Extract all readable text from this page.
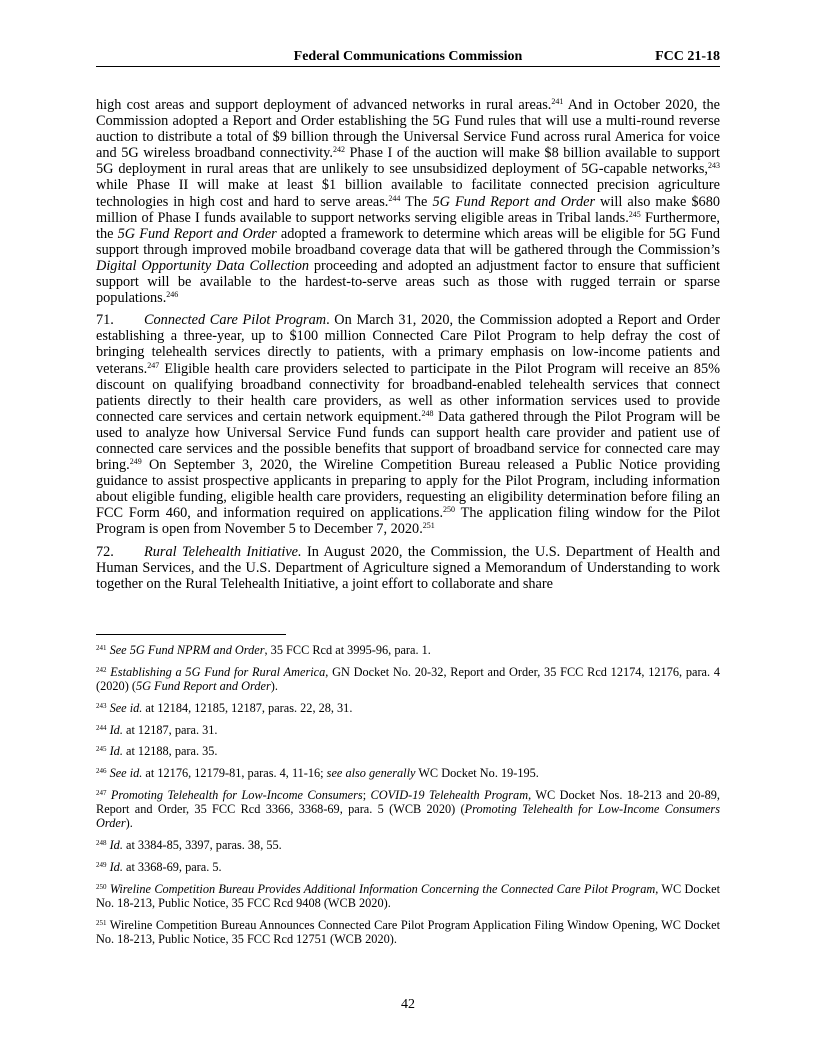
Federal Communications Commission	FCC 21-18

high cost areas and support deployment of advanced networks in rural areas.$^{241}$ And in October 2020, the Commission adopted a Report and Order establishing the 5G Fund rules that will use a multi-round reverse auction to distribute a total of $9 billion through the Universal Service Fund across rural America for voice and 5G wireless broadband connectivity.$^{242}$ Phase I of the auction will make $8 billion available to support 5G deployment in rural areas that are unlikely to see unsubsidized deployment of 5G-capable networks,$^{243}$ while Phase II will make at least $1 billion available to facilitate connected precision agriculture technologies in high cost and hard to serve areas.$^{244}$ The 5G Fund Report and Order will also make $680 million of Phase I funds available to support networks serving eligible areas in Tribal lands.$^{245}$ Furthermore, the 5G Fund Report and Order adopted a framework to determine which areas will be eligible for 5G Fund support through improved mobile broadband coverage data that will be gathered through the Commission’s Digital Opportunity Data Collection proceeding and adopted an adjustment factor to ensure that sufficient support will be available to the hardest-to-serve areas such as those with rugged terrain or sparse populations.$^{246}$

71. Connected Care Pilot Program. On March 31, 2020, the Commission adopted a Report and Order establishing a three-year, up to $100 million Connected Care Pilot Program to help defray the cost of bringing telehealth services directly to patients, with a primary emphasis on low-income patients and veterans.$^{247}$ Eligible health care providers selected to participate in the Pilot Program will receive an 85% discount on qualifying broadband connectivity for broadband-enabled telehealth services that connect patients directly to their health care providers, as well as other information services used to provide connected care services and certain network equipment.$^{248}$ Data gathered through the Pilot Program will be used to analyze how Universal Service Fund funds can support health care provider and patient use of connected care services and the possible benefits that support of broadband service for connected care may bring.$^{249}$ On September 3, 2020, the Wireline Competition Bureau released a Public Notice providing guidance to assist prospective applicants in preparing to apply for the Pilot Program, including information about eligible funding, eligible health care providers, requesting an eligibility determination before filing an FCC Form 460, and information required on applications.$^{250}$ The application filing window for the Pilot Program is open from November 5 to December 7, 2020.$^{251}$

72. Rural Telehealth Initiative. In August 2020, the Commission, the U.S. Department of Health and Human Services, and the U.S. Department of Agriculture signed a Memorandum of Understanding to work together on the Rural Telehealth Initiative, a joint effort to collaborate and share

$^{241}$ See 5G Fund NPRM and Order, 35 FCC Rcd at 3995-96, para. 1.

$^{242}$ Establishing a 5G Fund for Rural America, GN Docket No. 20-32, Report and Order, 35 FCC Rcd 12174, 12176, para. 4 (2020) (5G Fund Report and Order).

$^{243}$ See id. at 12184, 12185, 12187, paras. 22, 28, 31.

$^{244}$ Id. at 12187, para. 31.

$^{245}$ Id. at 12188, para. 35.

$^{246}$ See id. at 12176, 12179-81, paras. 4, 11-16; see also generally WC Docket No. 19-195.

$^{247}$ Promoting Telehealth for Low-Income Consumers; COVID-19 Telehealth Program, WC Docket Nos. 18-213 and 20-89, Report and Order, 35 FCC Rcd 3366, 3368-69, para. 5 (WCB 2020) (Promoting Telehealth for Low-Income Consumers Order).

$^{248}$ Id. at 3384-85, 3397, paras. 38, 55.

$^{249}$ Id. at 3368-69, para. 5.

$^{250}$ Wireline Competition Bureau Provides Additional Information Concerning the Connected Care Pilot Program, WC Docket No. 18-213, Public Notice, 35 FCC Rcd 9408 (WCB 2020).

$^{251}$ Wireline Competition Bureau Announces Connected Care Pilot Program Application Filing Window Opening, WC Docket No. 18-213, Public Notice, 35 FCC Rcd 12751 (WCB 2020).

42
